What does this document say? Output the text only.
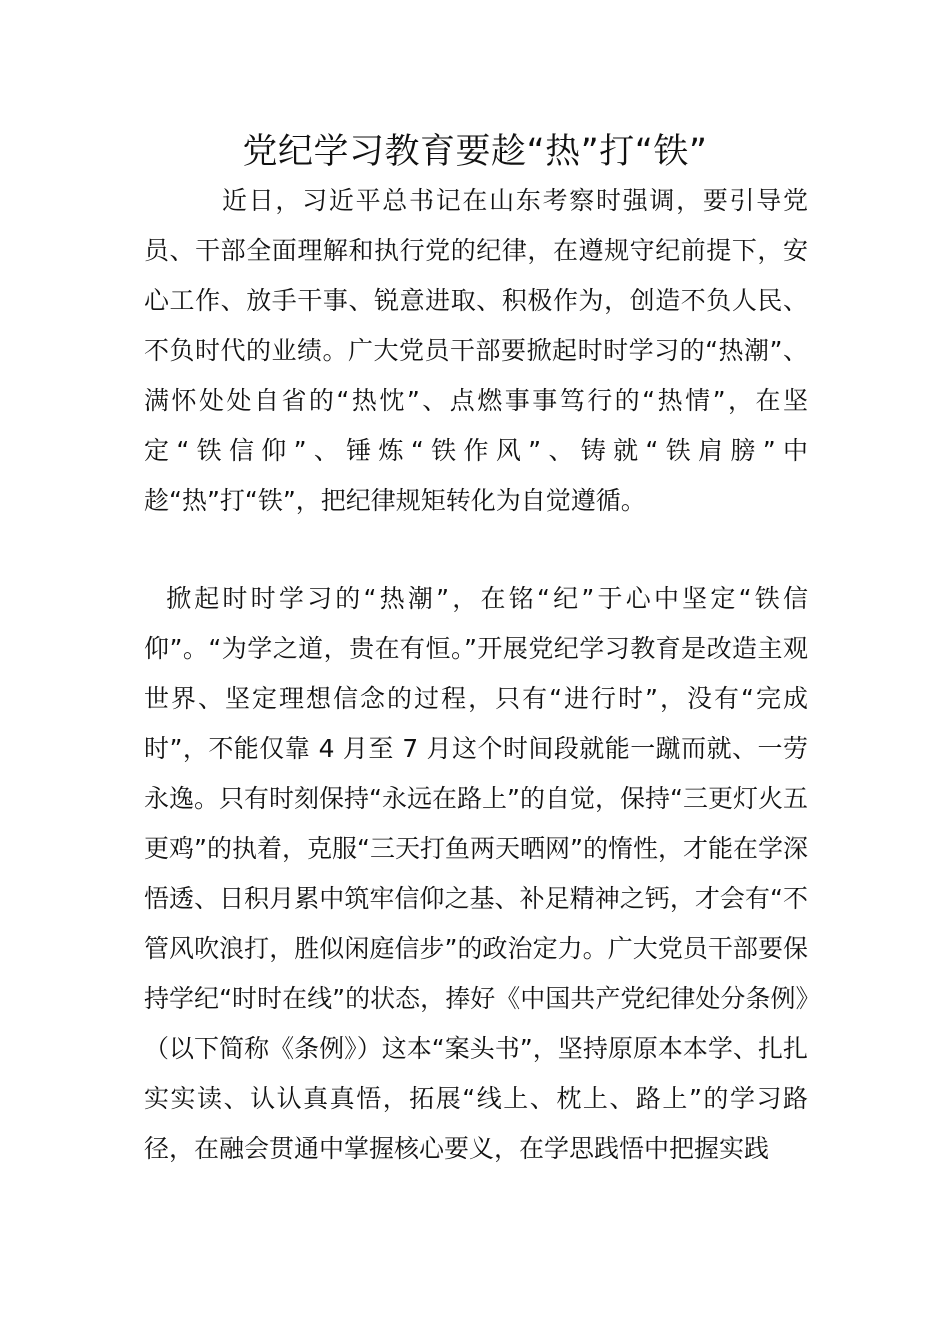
党纪学习教育要趁“热”打“铁”

近日，习近平总书记在山东考察时强调，要引导党员、干部全面理解和执行党的纪律，在遵规守纪前提下，安心工作、放手干事、锐意进取、积极作为，创造不负人民、不负时代的业绩。广大党员干部要掀起时时学习的“热潮”、满怀处处自省的“热忱”、点燃事事笃行的“热情”，在坚定“铁信仰”、锤炼“铁作风”、铸就“铁肩膀”中趁“热”打“铁”，把纪律规矩转化为自觉遵循。

掀起时时学习的“热潮”，在铭“纪”于心中坚定“铁信仰”。“为学之道，贵在有恒。”开展党纪学习教育是改造主观世界、坚定理想信念的过程，只有“进行时”，没有“完成时”，不能仅靠 4 月至 7 月这个时间段就能一蹴而就、一劳永逸。只有时刻保持“永远在路上”的自觉，保持“三更灯火五更鸡”的执着，克服“三天打鱼两天晒网”的惰性，才能在学深悟透、日积月累中筑牢信仰之基、补足精神之钙，才会有“不管风吹浪打，胜似闲庭信步”的政治定力。广大党员干部要保持学纪“时时在线”的状态，捧好《中国共产党纪律处分条例》（以下简称《条例》）这本“案头书”，坚持原原本本学、扎扎实实读、认认真真悟，拓展“线上、枕上、路上”的学习路径，在融会贯通中掌握核心要义，在学思践悟中把握实践
